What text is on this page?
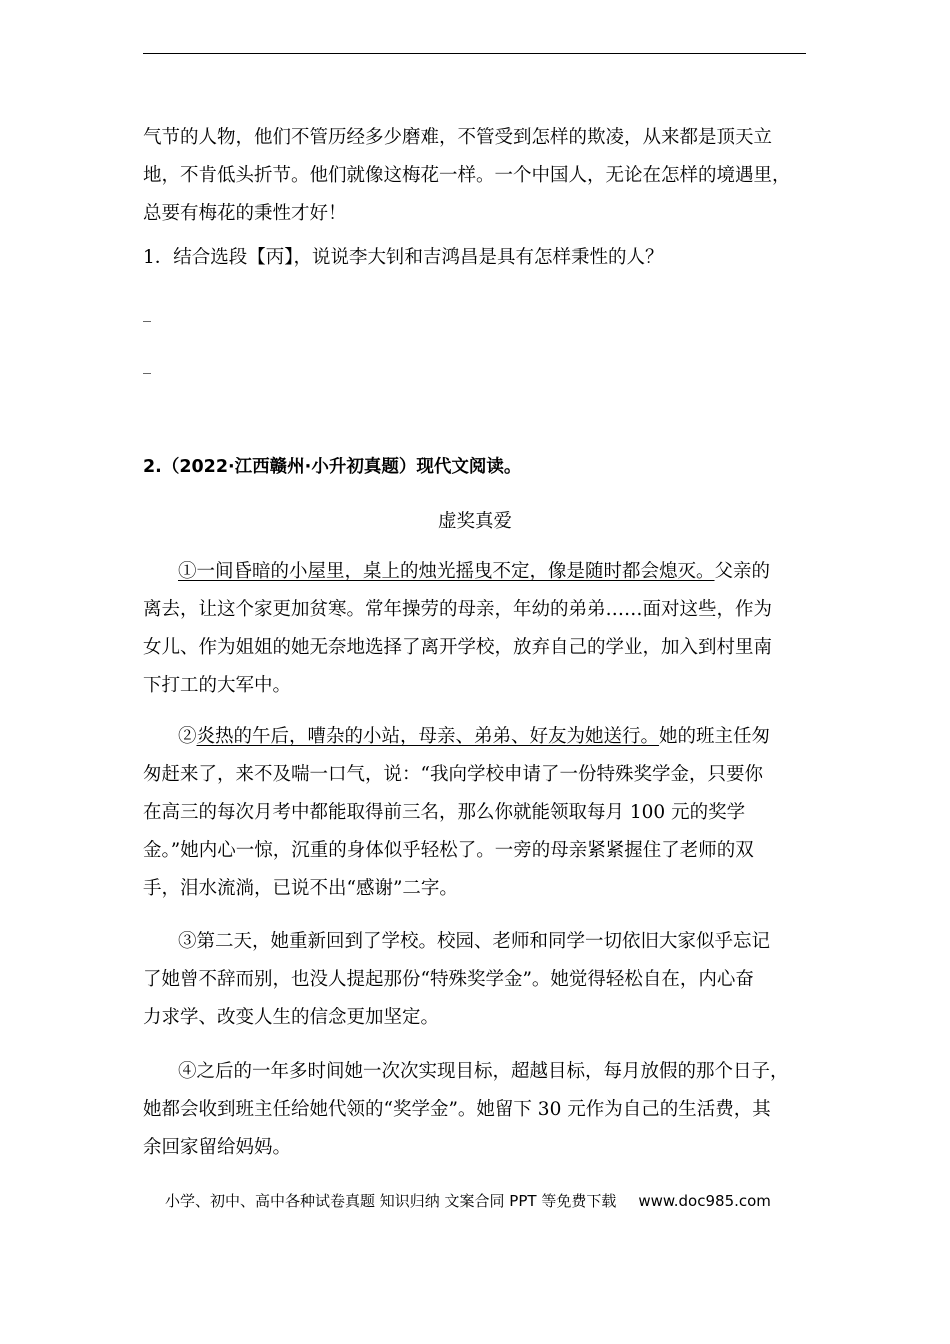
气节的人物，他们不管历经多少磨难，不管受到怎样的欺凌，从来都是顶天立
地，不肯低头折节。他们就像这梅花一样。一个中国人，无论在怎样的境遇里，
总要有梅花的秉性才好！

1．结合选段【丙】，说说李大钊和吉鸿昌是具有怎样秉性的人？

_
_
2.（2022·江西赣州·小升初真题）现代文阅读。
虚奖真爱

①一间昏暗的小屋里，桌上的烛光摇曳不定，像是随时都会熄灭。父亲的
离去，让这个家更加贫寒。常年操劳的母亲，年幼的弟弟……面对这些，作为
女儿、作为姐姐的她无奈地选择了离开学校，放弃自己的学业，加入到村里南
下打工的大军中。

②炎热的午后，嘈杂的小站，母亲、弟弟、好友为她送行。她的班主任匆
匆赶来了，来不及喘一口气，说：“我向学校申请了一份特殊奖学金，只要你
在高三的每次月考中都能取得前三名，那么你就能领取每月 100 元的奖学
金。”她内心一惊，沉重的身体似乎轻松了。一旁的母亲紧紧握住了老师的双
手，泪水流淌，已说不出“感谢”二字。

③第二天，她重新回到了学校。校园、老师和同学一切依旧大家似乎忘记
了她曾不辞而别，也没人提起那份“特殊奖学金”。她觉得轻松自在，内心奋
力求学、改变人生的信念更加坚定。

④之后的一年多时间她一次次实现目标，超越目标，每月放假的那个日子，
她都会收到班主任给她代领的“奖学金”。她留下 30 元作为自己的生活费，其
余回家留给妈妈。

小学、初中、高中各种试卷真题 知识归纳 文案合同 PPT 等免费下载 www.doc985.com
